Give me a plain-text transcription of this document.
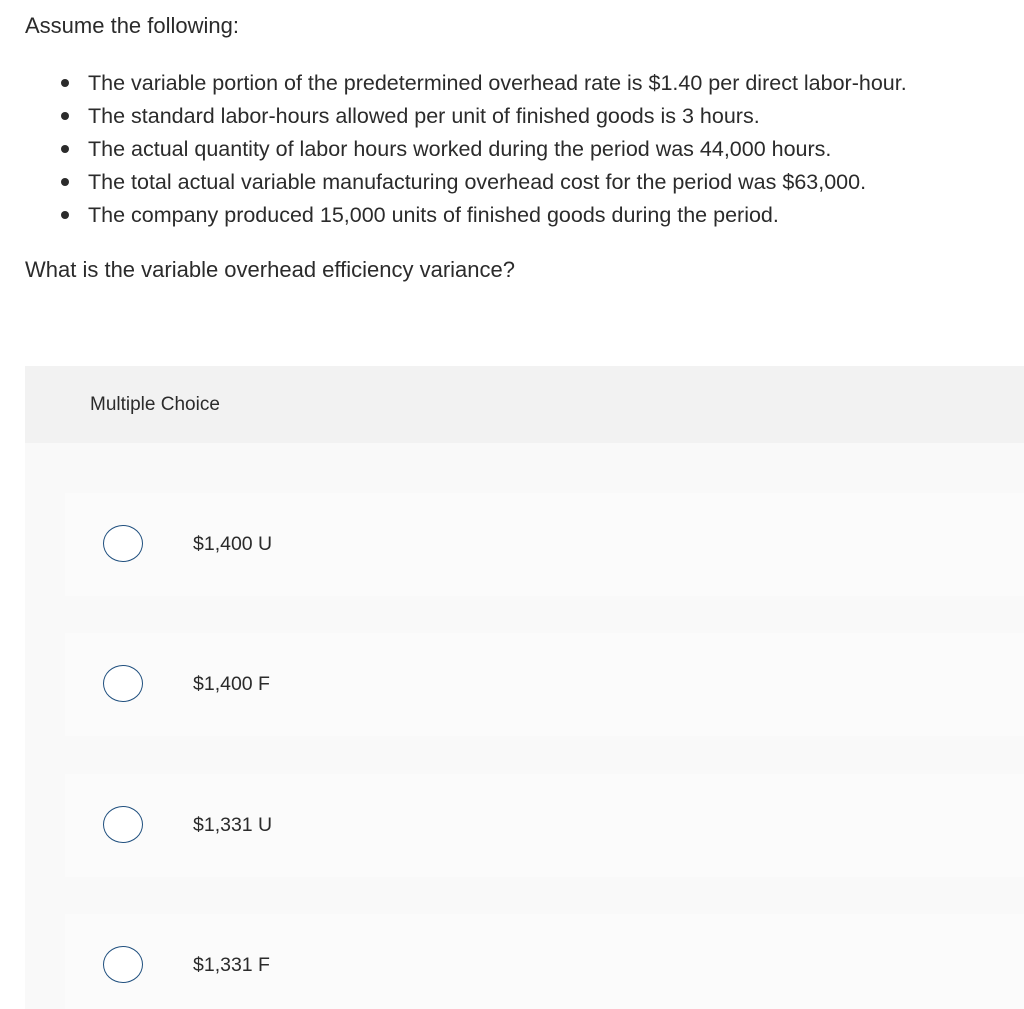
Assume the following:

The variable portion of the predetermined overhead rate is $1.40 per direct labor-hour.
The standard labor-hours allowed per unit of finished goods is 3 hours.
The actual quantity of labor hours worked during the period was 44,000 hours.
The total actual variable manufacturing overhead cost for the period was $63,000.
The company produced 15,000 units of finished goods during the period.

What is the variable overhead efficiency variance?

Multiple Choice
$1,400 U
$1,400 F
$1,331 U
$1,331 F
